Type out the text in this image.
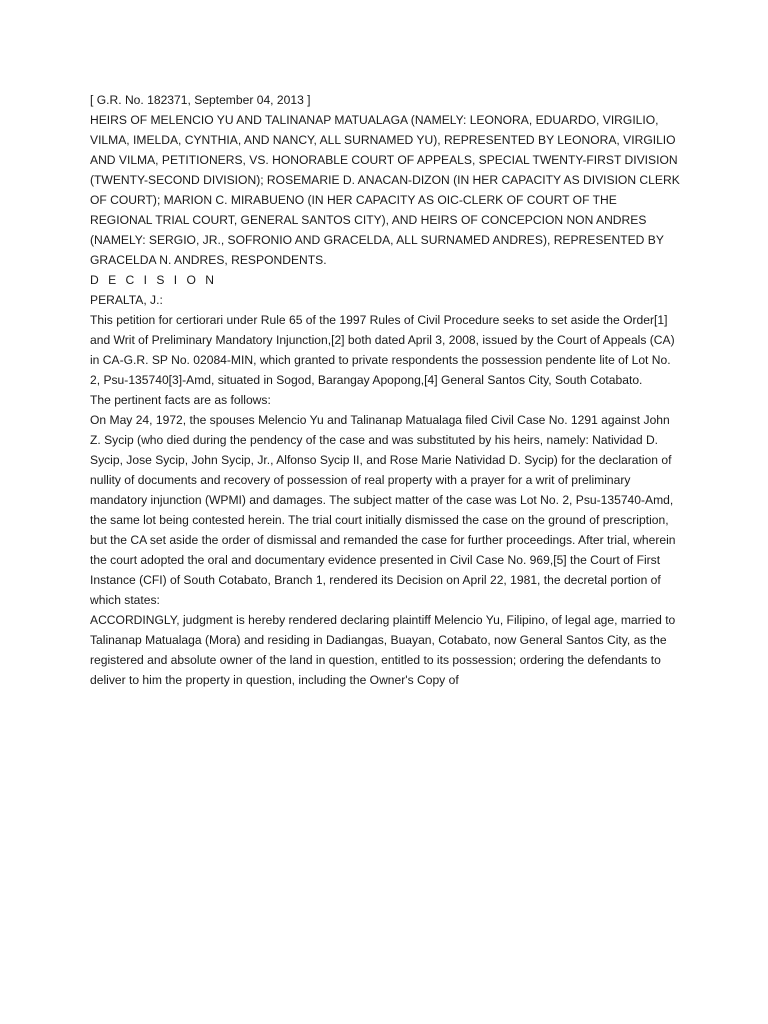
[ G.R. No. 182371, September 04, 2013 ]

HEIRS OF MELENCIO YU AND TALINANAP MATUALAGA (NAMELY: LEONORA, EDUARDO, VIRGILIO, VILMA, IMELDA, CYNTHIA, AND NANCY, ALL SURNAMED YU), REPRESENTED BY LEONORA, VIRGILIO AND VILMA, PETITIONERS, VS. HONORABLE COURT OF APPEALS, SPECIAL TWENTY-FIRST DIVISION (TWENTY-SECOND DIVISION); ROSEMARIE D. ANACAN-DIZON (IN HER CAPACITY AS DIVISION CLERK OF COURT); MARION C. MIRABUENO (IN HER CAPACITY AS OIC-CLERK OF COURT OF THE REGIONAL TRIAL COURT, GENERAL SANTOS CITY), AND HEIRS OF CONCEPCION NON ANDRES (NAMELY: SERGIO, JR., SOFRONIO AND GRACELDA, ALL SURNAMED ANDRES), REPRESENTED BY GRACELDA N. ANDRES, RESPONDENTS.

D E C I S I O N

PERALTA, J.:

This petition for certiorari under Rule 65 of the 1997 Rules of Civil Procedure seeks to set aside the Order[1] and Writ of Preliminary Mandatory Injunction,[2] both dated April 3, 2008, issued by the Court of Appeals (CA) in CA-G.R. SP No. 02084-MIN, which granted to private respondents the possession pendente lite of Lot No. 2, Psu-135740[3]-Amd, situated in Sogod, Barangay Apopong,[4] General Santos City, South Cotabato.

The pertinent facts are as follows:

On May 24, 1972, the spouses Melencio Yu and Talinanap Matualaga filed Civil Case No. 1291 against John Z. Sycip (who died during the pendency of the case and was substituted by his heirs, namely: Natividad D. Sycip, Jose Sycip, John Sycip, Jr., Alfonso Sycip II, and Rose Marie Natividad D. Sycip) for the declaration of nullity of documents and recovery of possession of real property with a prayer for a writ of preliminary mandatory injunction (WPMI) and damages. The subject matter of the case was Lot No. 2, Psu-135740-Amd, the same lot being contested herein. The trial court initially dismissed the case on the ground of prescription, but the CA set aside the order of dismissal and remanded the case for further proceedings. After trial, wherein the court adopted the oral and documentary evidence presented in Civil Case No. 969,[5] the Court of First Instance (CFI) of South Cotabato, Branch 1, rendered its Decision on April 22, 1981, the decretal portion of which states:

ACCORDINGLY, judgment is hereby rendered declaring plaintiff Melencio Yu, Filipino, of legal age, married to Talinanap Matualaga (Mora) and residing in Dadiangas, Buayan, Cotabato, now General Santos City, as the registered and absolute owner of the land in question, entitled to its possession; ordering the defendants to deliver to him the property in question, including the Owner's Copy of
